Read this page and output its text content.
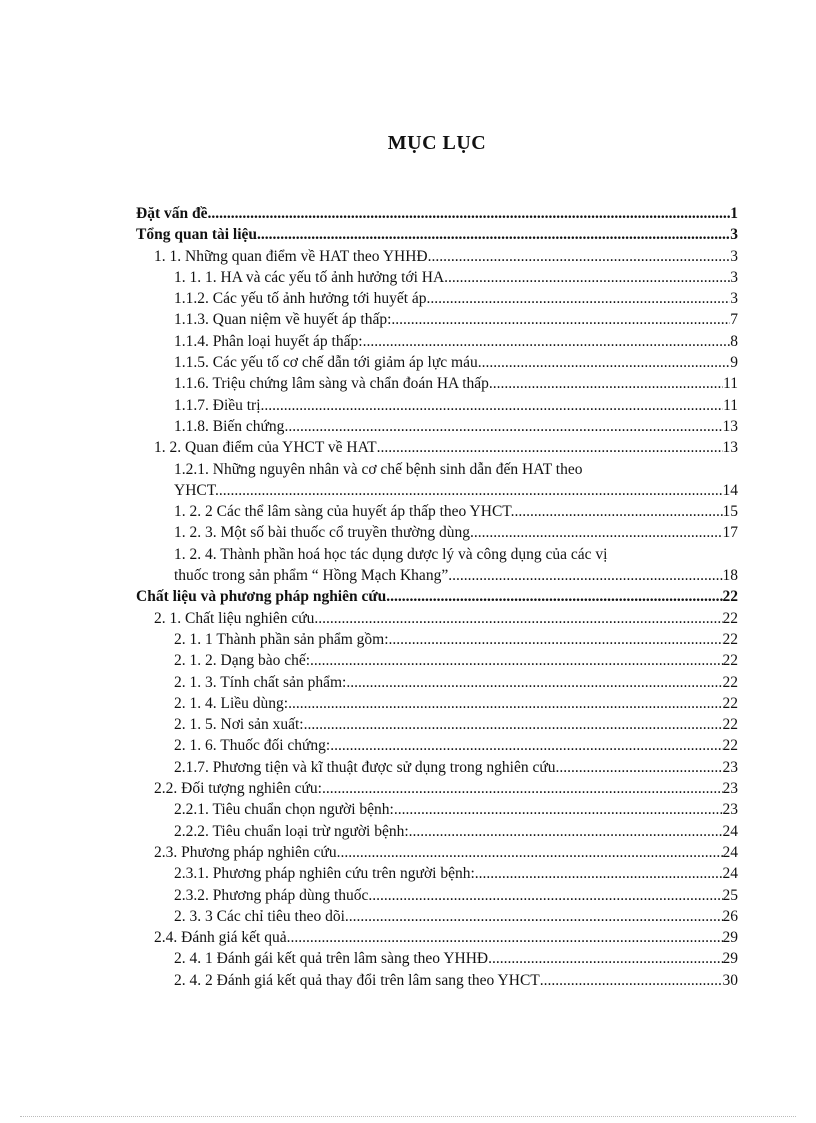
MỤC LỤC
Đặt vấn đề .....	1
Tổng quan tài liệu .....	3
1. 1. Những quan điểm về HAT theo YHHĐ .....	3
1. 1. 1. HA và các yếu tố ảnh hưởng tới HA. .....	3
1.1.2. Các yếu tố ảnh hưởng tới huyết áp .....	3
1.1.3. Quan niệm về huyết áp thấp: .....	7
1.1.4. Phân loại huyết áp thấp: .....	8
1.1.5. Các yếu tố cơ chế dẫn tới giảm áp lực máu. .....	9
1.1.6. Triệu chứng lâm sàng và chẩn đoán HA thấp .....	11
1.1.7. Điều trị. .....	11
1.1.8. Biến chứng .....	13
1. 2. Quan điểm của YHCT về HAT .....	13
1.2.1. Những nguyên nhân và cơ chế bệnh sinh dẫn đến HAT theo
YHCT. .....	14
1. 2. 2 Các thể lâm sàng của huyết áp thấp theo YHCT. .....	15
1. 2. 3. Một số bài thuốc cổ truyền thường dùng. .....	17
1. 2. 4. Thành phần hoá học tác dụng dược lý và công dụng của các vị
thuốc trong sản phẩm “ Hồng Mạch Khang”. .....	18
Chất liệu và phương pháp nghiên cứu .....	22
2. 1. Chất liệu nghiên cứu .....	22
2. 1. 1 Thành phần sản phẩm gồm: .....	22
2. 1. 2. Dạng bào chế: .....	22
2. 1. 3. Tính chất sản phẩm: .....	22
2. 1. 4. Liều dùng: .....	22
2. 1. 5. Nơi sản xuất: .....	22
2. 1. 6. Thuốc đối chứng: .....	22
2.1.7. Phương tiện và kĩ thuật được sử dụng trong nghiên cứu .....	23
2.2. Đối tượng nghiên cứu: .....	23
2.2.1. Tiêu chuẩn chọn người bệnh: .....	23
2.2.2. Tiêu chuẩn loại trừ người bệnh: .....	24
2.3. Phương pháp nghiên cứu .....	24
2.3.1. Phương pháp nghiên cứu trên người bệnh: .....	24
2.3.2. Phương pháp dùng thuốc .....	25
2. 3. 3 Các chỉ tiêu theo dõi .....	26
2.4. Đánh giá kết quả .....	29
2. 4. 1 Đánh gái kết quả trên lâm sàng theo YHHĐ. .....	29
2. 4. 2 Đánh giá kết quả thay đổi trên lâm sang theo YHCT .....	30
